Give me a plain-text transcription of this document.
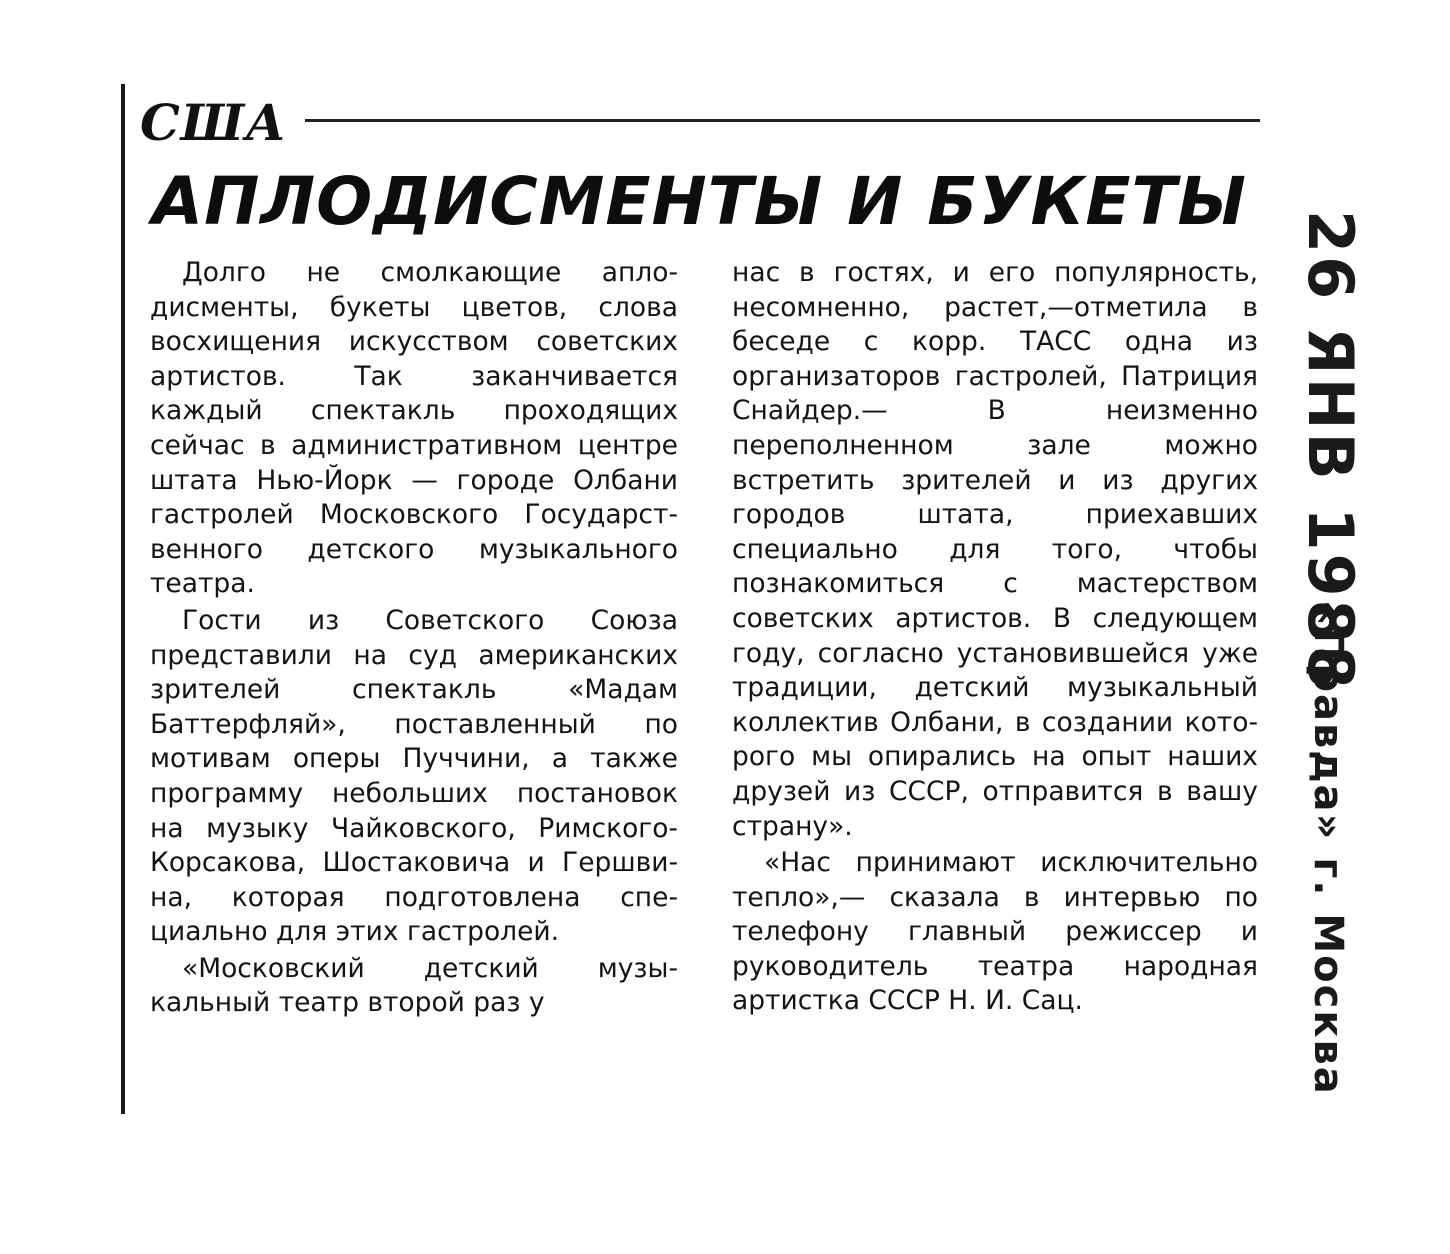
США
АПЛОДИСМЕНТЫ И БУКЕТЫ

Долго не смолкающие аплодисменты, букеты цветов, слова восхищения искусством советских артистов. Так заканчивается каждый спектакль проходящих сейчас в административном центре штата Нью-Йорк — городе Олбани гастролей Московского Государственного детского музыкального театра.

Гости из Советского Союза представили на суд американских зрителей спектакль «Мадам Баттерфляй», поставленный по мотивам оперы Пуччини, а также программу небольших постановок на музыку Чайковского, Римского-Корсакова, Шостаковича и Гершвина, которая подготовлена специально для этих гастролей.

«Московский детский музыкальный театр второй раз у

нас в гостях, и его популярность, несомненно, растет,—отметила в беседе с корр. ТАСС одна из организаторов гастролей, Патриция Снайдер.— В неизменно переполненном зале можно встретить зрителей и из других городов штата, приехавших специально для того, чтобы познакомиться с мастерством советских артистов. В следующем году, согласно установившейся уже традиции, детский музыкальный коллектив Олбани, в создании которого мы опирались на опыт наших друзей из СССР, отправится в вашу страну».

«Нас принимают исключительно тепло»,— сказала в интервью по телефону главный режиссер и руководитель театра народная артистка СССР Н. И. Сац.

26 ЯНВ 1988
«Правда» г. Москва
